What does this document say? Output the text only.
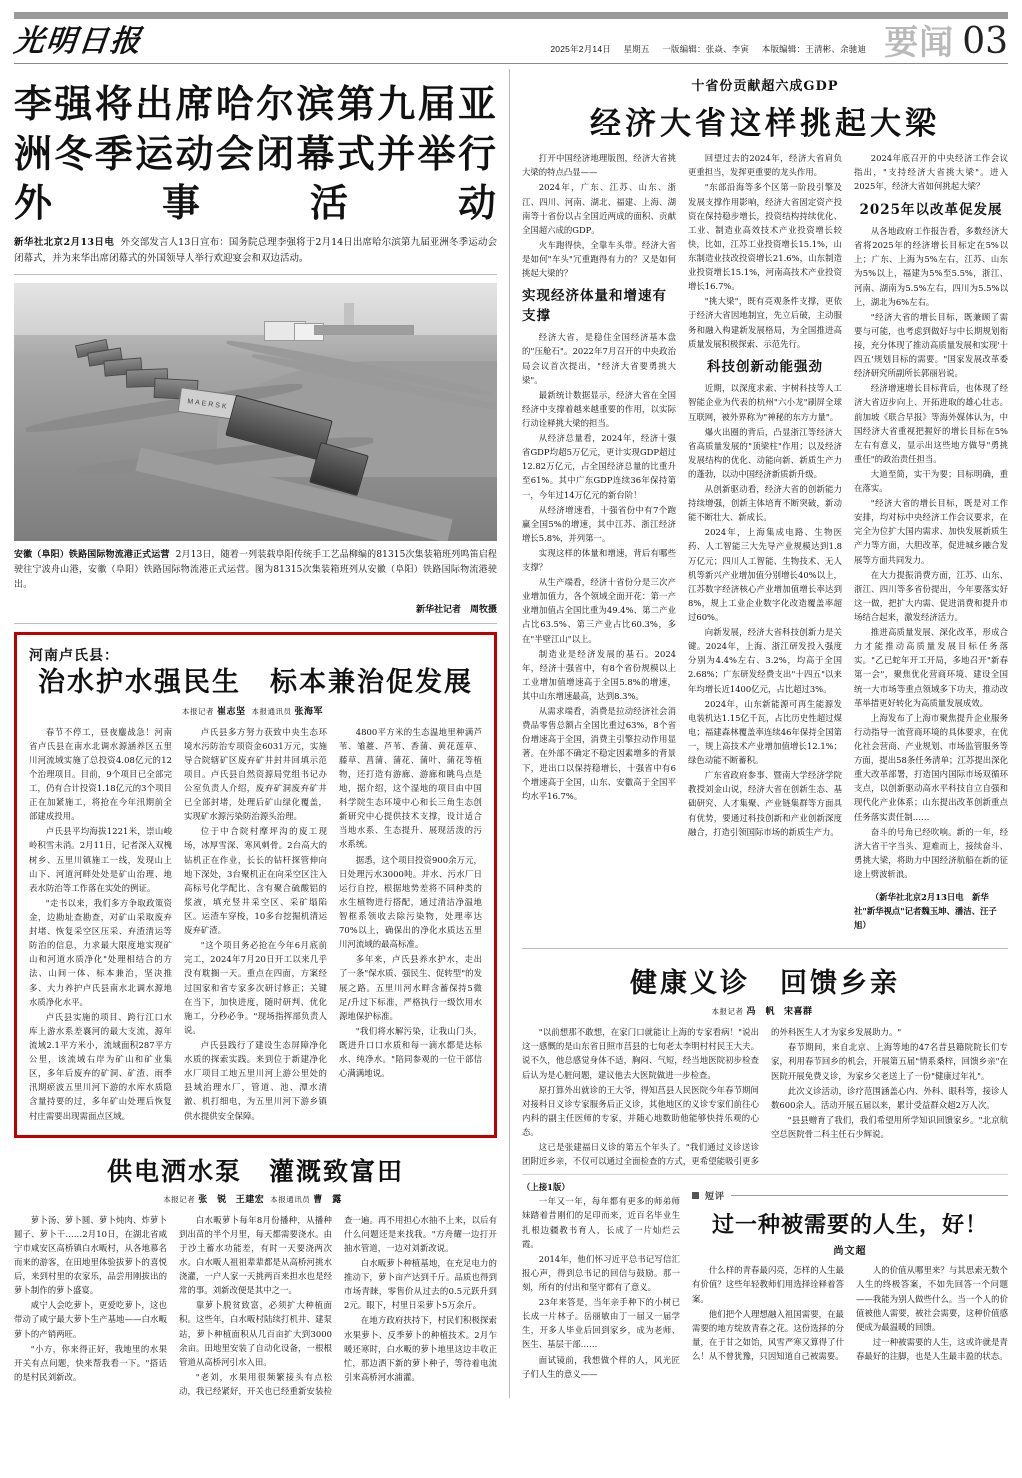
光明日报	2025年2月14日 星期五 一版编辑：张焱、李寅 本版编辑：王清彬、余驰迪 要闻 03
李强将出席哈尔滨第九届亚洲冬季运动会闭幕式并举行外事活动

新华社北京2月13日电 外交部发言人13日宣布：国务院总理李强将于2月14日出席哈尔滨第九届亚洲冬季运动会闭幕式，并为来华出席闭幕式的外国领导人举行欢迎宴会和双边活动。

MAERSK

安徽（阜阳）铁路国际物流港正式运营 2月13日，随着一列装载阜阳传统手工艺品柳编的81315次集装箱班列鸣笛启程驶往宁波舟山港，安徽（阜阳）铁路国际物流港正式运营。图为81315次集装箱班列从安徽（阜阳）铁路国际物流港驶出。

新华社记者　周牧摄
河南卢氏县：
治水护水强民生　标本兼治促发展
本报记者 崔志坚 本报通讯员 张海军

春节不停工，昼夜鏖战急！河南省卢氏县在南水北调水源涵养区五里川河流域实施了总投资4.08亿元的12个治理项目。目前，9个项目已全部完工，仍有合计投资1.18亿元的3个项目正在加紧施工，将抢在今年汛期前全部建成投用。

卢氏县平均海拔1221米，崇山峻岭积雪未消。2月11日，记者深入双槐树乡、五里川镇施工一线，发现山上山下、河道河畔处处是矿山治理、地表水防治等工作落在实处的例证。

"走书以来，我们多方争取政策资金，边勘址查勘查，对矿山采取废弃封堵、恢复采空区压采、弃渣清运等防治的信息，力求最大限度地实现矿山和河道水质净化"处理相结合的方法、山间一体、标本兼治，坚决推多、大力养护卢氏县南水北调水源地水质净化水平。

卢氏县实施的项目、跨行江口水库上游水系差襄河的最大支流，源年流域2.1平方米小，流域面积287平方公里，该流域右岸为矿山和矿业集区，多年后废弃的矿洞、矿渣、雨季汛期瘀波五里川河下游的水库水质隐含量持要的过，多年矿山处理后恢复村庄需要出现需面点区域。

卢氏县多方努力获致中央生态环境水污防治专项资金6031万元，实施导合院辖矿区废弃矿井封井回填示范项目。卢氏县自然资源局党组书记办公室负责人介绍，废弃矿洞废弃矿井已全部封堵，处理后矿山绿化覆盖，实现矿水源污染防治源头治理。

位于中合院村摩坪沟的废工现场，冰厚雪深、寒风刺骨。2台高大的钻机正在作业，长长的钻杆探管伸向地下深处，3台聚机正在向采空区注入高标号化学配比、含有聚合硫酸铝的浆液，填充竖井采空区、采矿塌陷区。运渣车穿梭，10多台挖掘机清运废弃矿渣。

"这个项目务必抢在今年6月底前完工，2024年7月20日开工以来几乎没有耽搁一天。重点在四面，方案经过国家和省专家多次研讨修正；关键在当下，加快进度，随时研判、优化施工，分秒必争。"现场指挥部负责人说。

卢氏县践行了建设生态屏障净化水质的探索实践。来到位于新建净化水厂项目工地五里川河上游公里处的县域治理水厂，管道、池、潭水清澈、机打细电，为五里川河下游乡镇供水提供安全保障。

4800平方米的生态温地里种满芦苇、雏薹、芦苇、香蒲、黄花莲草、藤草、菖蒲、蒲花、蒲叶、蒲花等植物，还打造有游廊、游廊和眺鸟点是地，据介绍，这个湿地的项目由中国科学院生态环境中心和长三角生态创新研究中心提供技术支撑，设计适合当地水系、生态提升、展现活泼的污水系统。

据悉，这个项目投资900余万元，日处理污水3000吨。并水、污水厂日运行自控，根据地势差将不同种类的水生植物进行搭配，通过清洁净温地智框系领收去除污染物，处理率达70%以上，确保出的净化水质达五里川河流域的最高标准。

多年来，卢氏县养水护水，走出了一条"保水质、强民生、促转型"的发展之路。五里川河水畔含蓄保持5微足/升过下标准，严格执行一级饮用水源地保护标准。

"我们将水解污染，让我山门头，既进升口口水质和每一滴水都是达标水、纯净水。"陪同参观的一位干部信心满满地说。

供电洒水泵　灌溉致富田
本报记者 张　锐 王建宏 本报通讯员 曹　露

萝卜汤、萝卜圆、萝卜炖肉、炸萝卜圆子、萝卜干……2月10日，在湖北省咸宁市咸安区高桥镇白水畈村，从各地慕名而来的游客，在田地里体验拔萝卜的喜悦后，来到村里的农家乐，品尝用刚拔出的萝卜制作的萝卜盛宴。

咸宁人会吃萝卜，更爱吃萝卜，这也带动了咸宁最大萝卜生产基地——白水畈萝卜的产销两旺。

"小方，你来得正好，我地里的水果开关有点问题，快来帮我看一下。"搭话的是村民刘新改。

白水畈萝卜每年8月份播种，从播种到出苗的半个月里，每天都需要浇水。由于沙土蓄水功能差，有时一天要浇两次水。白水畈人祖祖辈辈都是从高桥河挑水浇灌，一户人家一天挑两百来担水也是经常的事。刘新改便是其中之一。

靠萝卜脱贫致富，必须扩大种植面积。这些年，白水畈村陆续打机井、建泵站，萝卜种植面积从几百亩扩大到3000余亩。田地里安装了自动化设备，一根根管道从高桥河引水入田。

"老刘，水果用很频繁接头有点松动，我已经紧好，开关也已经重新安装检查一遍。再不用担心水抽不上来，以后有什么问题还是来找我。"方舟耀一边打开抽水管道，一边对刘新改说。

白水畈萝卜种植基地，在充足电力的推动下，萝卜亩产达到千斤。品质也得到市场青睐，零售价从过去的0.5元跃升到2元。眼下，村里日采萝卜5万余斤。

在地方政府扶持下，村民们积极探索水果萝卜、反季萝卜的种植技术。2月乍暖还寒时，白水畈的萝卜地里这边丰收正忙，那边洒下新的萝卜种子，等待着电流引来高桥河水浦灌。

十省份贡献超六成GDP
经济大省这样挑起大梁

打开中国经济地理版图，经济大省挑大梁的特点凸显——

2024年，广东、江苏、山东、浙江、四川、河南、湖北、福建、上海、湖南等十省份以占全国近两成的面积、贡献全国超六成的GDP。

火车跑得快，全靠车头带。经济大省是如何"车头"冗重跑得有力的？又是如何挑起大梁的？

实现经济体量和增速有支撑

经济大省，是稳住全国经济基本盘的"压舱石"。2022年7月召开的中央政治局会议首次提出，"经济大省要勇挑大梁"。

最新统计数据显示，经济大省在全国经济中支撑着越来越重要的作用，以实际行动诠释挑大梁的担当。

从经济总量看，2024年，经济十强省GDP均超5万亿元，更计实现GDP超过12.82万亿元，占全国经济总量的比重升至61%。其中广东GDP连续36年保持第一，今年过14万亿元的新台阶！

从经济增速看，十强省份中有7个跑赢全国5%的增速，其中江苏、浙江经济增长5.8%，并列第一。

实现这样的体量和增速，背后有哪些支撑？

从生产端看，经济十省份分是三次产业增加值力，各个领域全面开花：第一产业增加值占全国比重为49.4%、第二产业占比63.5%、第三产业占比60.3%，多在"半壁江山"以上。

制造业是经济发展的基石。2024年，经济十强省中，有8个省份规模以上工业增加值增速高于全国5.8%的增速，其中山东增速最高，达到8.3%。

从需求端看，消费是拉动经济社会消费品零售总额占全国比重过63%，8个省份增速高于全国，消费主引擎拉动作用显著。在外部不确定不稳定因素增多的背景下，进出口以保持稳增长，十强省中有6个增速高于全国，山东、安徽高于全国平均水平16.7%。

回望过去的2024年，经济大省肩负更重担当，发挥更重要的龙头作用。

"东部沿海等多个区第一阶段引擎及发展支撑作用影响，经济大省固定资产投资在保持稳步增长，投资结构持续优化、工业、制造业高效技术产业投资增长较快，比如，江苏工业投资增长15.1%，山东制造业技改投资增长21.6%，山东制造业投资增长15.1%，河南高技术产业投资增长16.7%。

"挑大梁"，既有亮观条件支撑，更依于经济大省因地制宜，先立后破，主动服务和融入构建新发展格局，为全国推进高质量发展积极探索、示范先行。

科技创新动能强劲

近期，以深度求索、宇树科技等人工智能企业为代表的杭州"六小龙"刷屏全球互联网，被外界称为"神秘的东方力量"。

爆火出圈的背后，凸显浙江等经济大省高质量发展的"顶梁柱"作用；以及经济发展结构的优化、动能向新、新质生产力的蓬勃，以动中国经济新质新升级。

从创新驱动看，经济大省的创新能力持续增强，创新主体培育不断突破，新动能不断壮大、新成长。

2024年，上海集成电路、生物医药、人工智能三大先导产业规模达到1.8万亿元；四川人工智能、生物技术、无人机等新兴产业增加值分别增长40%以上，江苏数字经济核心产业增加值增长率达到8%，规上工业企业数字化改造覆盖率超过60%。

向新发展，经济大省科技创新力是关键。2024年，上海、浙江研发投入强度分别为4.4%左右、3.2%，均高于全国2.68%；广东研发经费支出"十四五"以来年均增长近1400亿元，占比超过3%。

2024年，山东新能源可再生能源发电装机达1.15亿千瓦，占比历史性超过煤电；福建森林覆盖率连续46年保持全国第一，规上高技术产业增加值增长12.1%；绿色动能不断蓄积。

广东省政府参事、暨南大学经济学院教授刘金山说，经济大省在创新生态、基础研究、人才集聚、产业链集群等方面具有优势，要通过科技创新和产业创新深度融合，打造引领国际市场的新质生产力。

2024年底召开的中央经济工作会议指出，"支持经济大省挑大梁"。进入2025年，经济大省如何挑起大梁？

2025年以改革促发展

从各地政府工作报告看，多数经济大省将2025年的经济增长目标定在5%以上；广东、上海为5%左右，江苏、山东为5%以上，福建为5%至5.5%，浙江、河南、湖南为5.5%左右，四川为5.5%以上，湖北为6%左右。

"经济大省的增长目标，既兼顾了需要与可能，也考虑到做好与中长期规划衔接，充分体现了推动高质量发展和实现'十四五'规划目标的需要。"国家发展改革委经济研究所副所长郭丽岩说。

经济增速增长目标背后，也体现了经济大省迈步向上、开拓进取的雄心壮志。前加坡《联合早报》等海外媒体认为，中国经济大省重视把握好的增长目标在5%左右有意义，显示出这些地方做导"勇挑重任"的政治责任担当。

大道至简，实干为要；目标明确，重在落实。

"经济大省的增长目标，既是对工作安排，均对标中央经济工作会议要求，在完全为位扩大国内需求、加快发展新质生产力等方面，大胆改革，促进城乡融合发展等方面共同发力。

在大力提振消费方面，江苏、山东、浙江、四川等多省份提出，今年要落实好这一做，把扩大内需、促进消费和提升市场结合起来，激发经济活力。

推进高质量发展、深化改革，形成合力才能推动高质量发展目标任务落实。"乙已蛇年开工开局，多地召开"新春第一会"，聚焦优化营商环境、建设全国统一大市场等重点领域多下功夫，推动改革举措更好转化为高质量发展成效。

上海发布了上海市聚焦提升企业服务行动指导一流营商环境的具体要求，在优化社会营商、产业规划、市场监管服务等方面，提出58条任务清单；江苏提出深化重大改革部署，打造国内国际市场双循环支点，以创新驱动高水平科技自立自强和现代化产业体系；山东提出改革创新重点任务落实责任制……

奋斗的号角已经吹响。新的一年，经济大省干字当头、迎难而上，接续奋斗、勇挑大梁，将助力中国经济航船在新的征途上劈波斩浪。

（新华社北京2月13日电　新华社"新华视点"记者魏玉坤、潘洁、汪子旭）

健康义诊　回馈乡亲
本报记者 冯　帆 宋喜群

"以前想那不敢想，在家门口就能让上海的专家看病！"说出这一感慨的是山东省日照市莒县的七旬老太李明村村民王大夫。说不久，他总感觉身体不适，胸闷、气短，经当地医院初步检查后认为是心脏问题，建议他去大医院做进一步检查。

原打算外出就诊的王大爷，得知莒县人民医院今年春节期间对接科日义诊专家服务后正义诊，其他地区的义诊专家们前往心内科的副主任医师的专家，并随心地数助他能够快持乐观的心态。

这已是张建福日义诊的第五个年头了。"我们通过义诊送诊团附近乡亲，不仅可以通过全面检查的方式，更希望能吸引更多的外科医生人才为家乡发展助力。"

春节期间，来自北京、上海等地的47名昔县籍院院长们专家，利用春节回乡的机会，开展第五届"情系桑梓，回馈乡亲"在医院开展免费义诊，为家乡父老送上了一份"健康过年礼"。

此次义诊活动，诊疗范围涵盖心内、外科、眼科等，接诊人数600余人。活动开展五届以来，累计受益群众超2万人次。

"县县赠育了我们，我们希望用所学知识回馈家乡。"北京航空总医院骨二科主任石少辉说。

（上接1版）

一年又一年，每年都有更多的师弟师妹踏着昔刚们的足印而来，近百名毕业生扎根边疆教书育人，长成了一片灿烂云霞。

2014年，他们怀习近平总书记写信汇报心声，得到总书记的回信与鼓励。那一刻，所有的付出和坚守都有了意义。

23年来答是，当年亲手种下的小树已长成一片林子。岳丽敏由丁一届又一届学生，开多人毕业后回到家乡，成为老师、医生、基层干部……

面试镜前，我想做个样的人，风光匠子们人生的意义——

短评
过一种被需要的人生，好！
尚文超

什么样的青春最闪亮，怎样的人生最有价值？这些年轻教师们用选择诠释着答案。

他们把个人理想融入祖国需要，在最需要的地方绽放青春之花。这份选择的分量，在于甘之如饴，风雪严寒又算得了什么！从不曾犹豫，只因知道自己被需要。

人的价值从哪里来？与其思索无数个人生的终极答案，不如先回答一个问题——我能为别人做些什么。当一个人的价值被他人需要，被社会需要，这种价值感便成为最温暖的回馈。

过一种被需要的人生，这或许就是青春最好的注脚，也是人生最丰盈的状态。
